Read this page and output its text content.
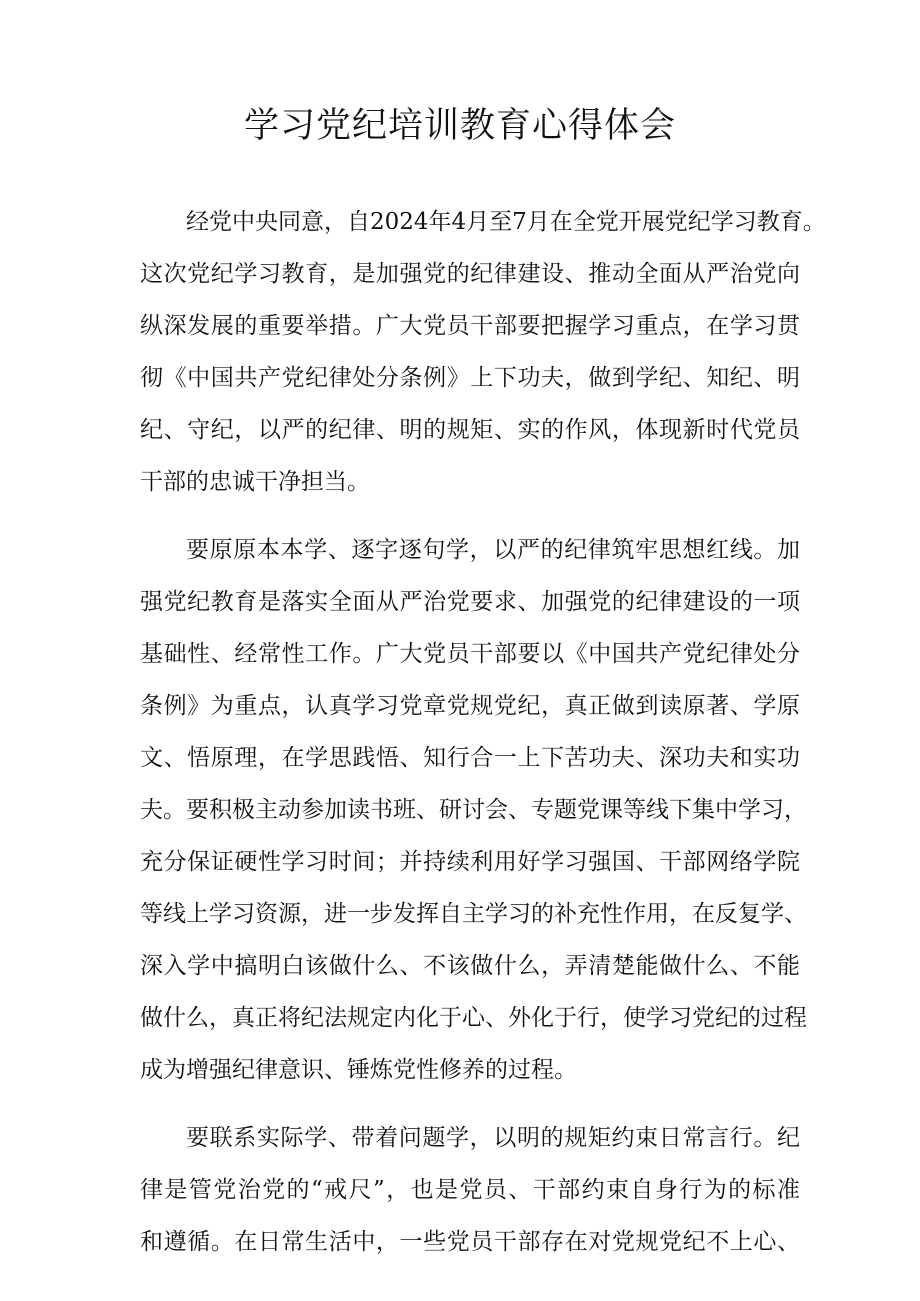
学习党纪培训教育心得体会
经党中央同意，自2024年4月至7月在全党开展党纪学习教育。
这次党纪学习教育，是加强党的纪律建设、推动全面从严治党向
纵深发展的重要举措。广大党员干部要把握学习重点，在学习贯
彻《中国共产党纪律处分条例》上下功夫，做到学纪、知纪、明
纪、守纪，以严的纪律、明的规矩、实的作风，体现新时代党员
干部的忠诚干净担当。
要原原本本学、逐字逐句学，以严的纪律筑牢思想红线。加
强党纪教育是落实全面从严治党要求、加强党的纪律建设的一项
基础性、经常性工作。广大党员干部要以《中国共产党纪律处分
条例》为重点，认真学习党章党规党纪，真正做到读原著、学原
文、悟原理，在学思践悟、知行合一上下苦功夫、深功夫和实功
夫。要积极主动参加读书班、研讨会、专题党课等线下集中学习，
充分保证硬性学习时间；并持续利用好学习强国、干部网络学院
等线上学习资源，进一步发挥自主学习的补充性作用，在反复学、
深入学中搞明白该做什么、不该做什么，弄清楚能做什么、不能
做什么，真正将纪法规定内化于心、外化于行，使学习党纪的过程
成为增强纪律意识、锤炼党性修养的过程。
要联系实际学、带着问题学，以明的规矩约束日常言行。纪
律是管党治党的“戒尺”，也是党员、干部约束自身行为的标准
和遵循。在日常生活中，一些党员干部存在对党规党纪不上心、
